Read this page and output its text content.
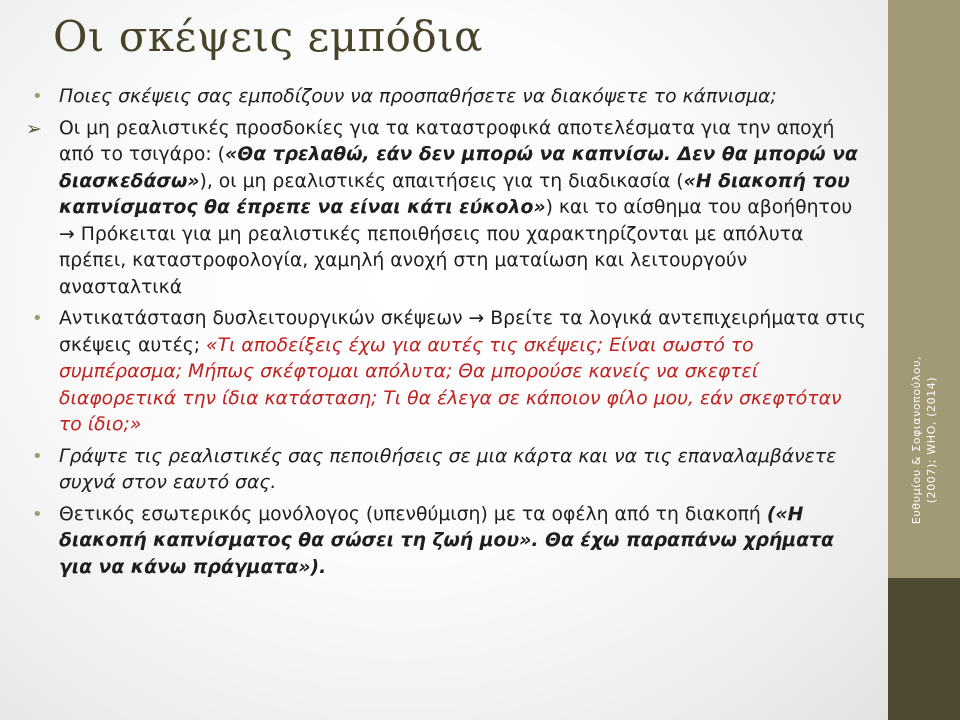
Οι σκέψεις εμπόδια
• Ποιες σκέψεις σας εμποδίζουν να προσπαθήσετε να διακόψετε το κάπνισμα;

➢ Οι μη ρεαλιστικές προσδοκίες για τα καταστροφικά αποτελέσματα για την αποχή από το τσιγάρο: («Θα τρελαθώ, εάν δεν μπορώ να καπνίσω. Δεν θα μπορώ να διασκεδάσω»), οι μη ρεαλιστικές απαιτήσεις για τη διαδικασία («Η διακοπή του καπνίσματος θα έπρεπε να είναι κάτι εύκολο») και το αίσθημα του αβοήθητου → Πρόκειται για μη ρεαλιστικές πεποιθήσεις που χαρακτηρίζονται με απόλυτα πρέπει, καταστροφολογία, χαμηλή ανοχή στη ματαίωση και λειτουργούν ανασταλτικά

• Αντικατάσταση δυσλειτουργικών σκέψεων → Βρείτε τα λογικά αντεπιχειρήματα στις σκέψεις αυτές; «Τι αποδείξεις έχω για αυτές τις σκέψεις; Είναι σωστό το συμπέρασμα; Μήπως σκέφτομαι απόλυτα; Θα μπορούσε κανείς να σκεφτεί διαφορετικά την ίδια κατάσταση; Τι θα έλεγα σε κάποιον φίλο μου, εάν σκεφτόταν το ίδιο;»

• Γράψτε τις ρεαλιστικές σας πεποιθήσεις σε μια κάρτα και να τις επαναλαμβάνετε συχνά στον εαυτό σας.

• Θετικός εσωτερικός μονόλογος (υπενθύμιση) με τα οφέλη από τη διακοπή («Η διακοπή καπνίσματος θα σώσει τη ζωή μου». Θα έχω παραπάνω χρήματα για να κάνω πράγματα»).

Ευθυμίου & Σοφιανοπούλου, (2007); WHO, (2014)
